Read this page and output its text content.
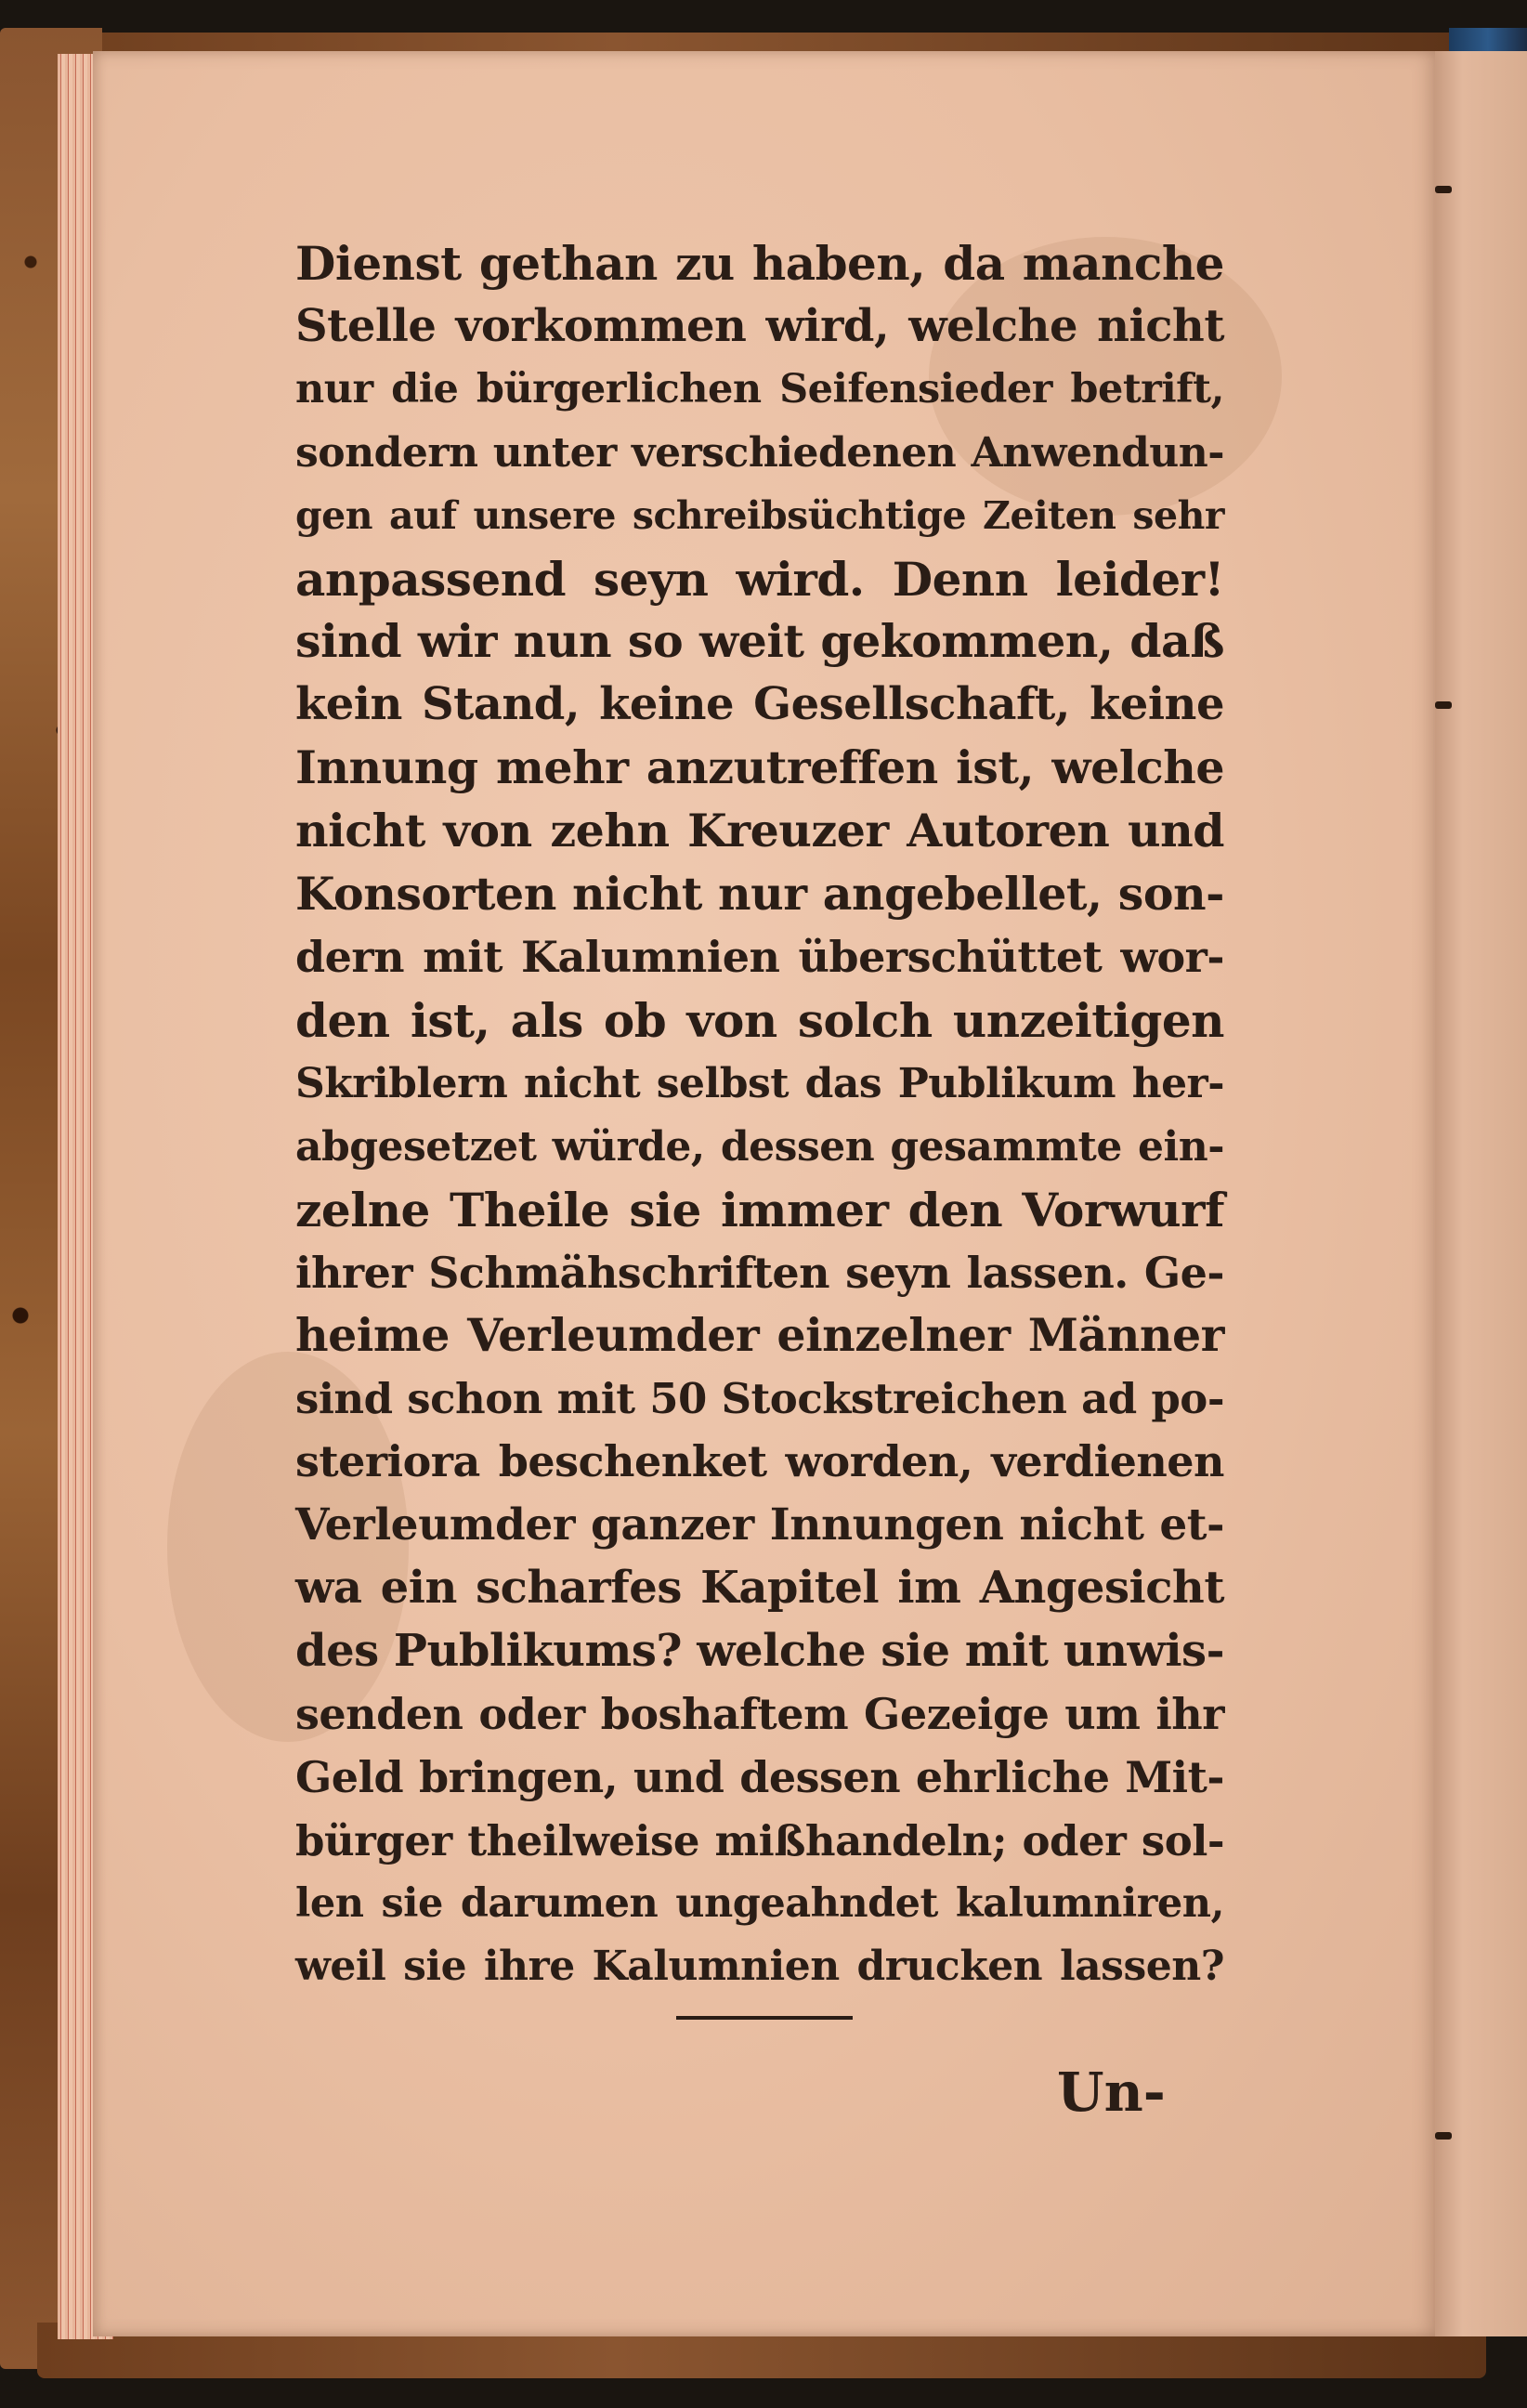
Dienst gethan zu haben, da manche
Stelle vorkommen wird, welche nicht
nur die bürgerlichen Seifensieder betrift,
sondern unter verschiedenen Anwendun-
gen auf unsere schreibsüchtige Zeiten sehr
anpassend seyn wird. Denn leider!
sind wir nun so weit gekommen, daß
kein Stand, keine Gesellschaft, keine
Innung mehr anzutreffen ist, welche
nicht von zehn Kreuzer Autoren und
Konsorten nicht nur angebellet, son-
dern mit Kalumnien überschüttet wor-
den ist, als ob von solch unzeitigen
Skriblern nicht selbst das Publikum her-
abgesetzet würde, dessen gesammte ein-
zelne Theile sie immer den Vorwurf
ihrer Schmähschriften seyn lassen. Ge-
heime Verleumder einzelner Männer
sind schon mit 50 Stockstreichen ad po-
steriora beschenket worden, verdienen
Verleumder ganzer Innungen nicht et-
wa ein scharfes Kapitel im Angesicht
des Publikums? welche sie mit unwis-
senden oder boshaftem Gezeige um ihr
Geld bringen, und dessen ehrliche Mit-
bürger theilweise mißhandeln; oder sol-
len sie darumen ungeahndet kalumniren,
weil sie ihre Kalumnien drucken lassen?
Un-
